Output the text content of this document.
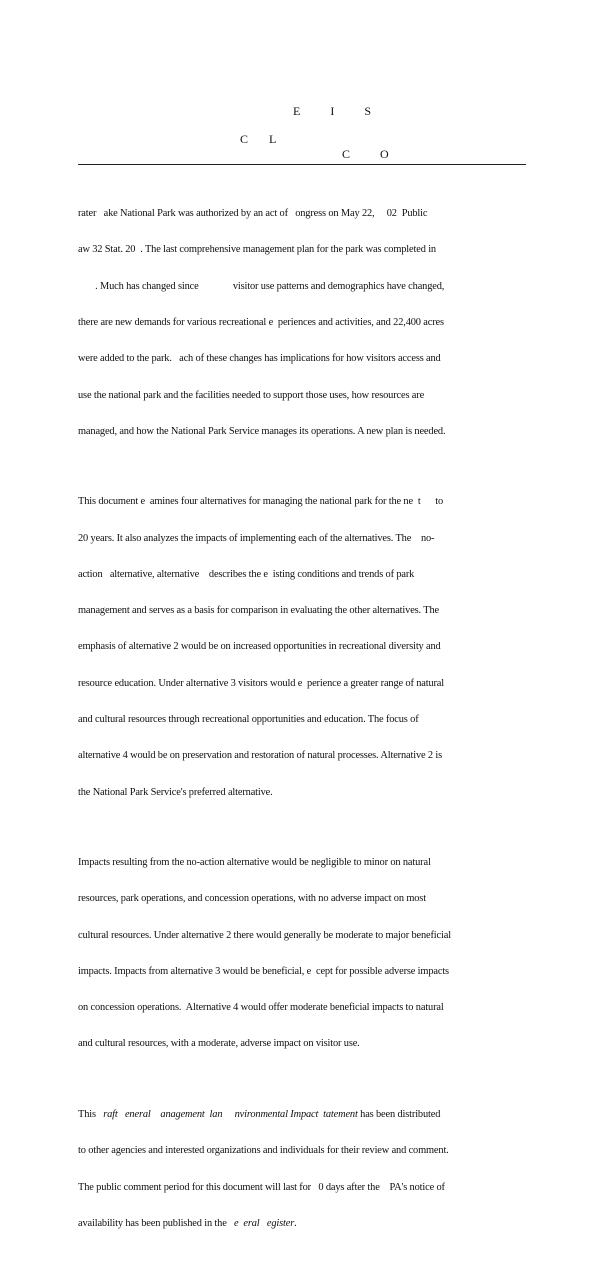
E          I          S
C       L
C          O

rater   ake National Park was authorized by an act of   ongress on May 22,     02  Public

aw 32 Stat. 20  . The last comprehensive management plan for the park was completed in

. Much has changed since              visitor use patterns and demographics have changed,

there are new demands for various recreational e  periences and activities, and 22,400 acres

were added to the park.   ach of these changes has implications for how visitors access and

use the national park and the facilities needed to support those uses, how resources are

managed, and how the National Park Service manages its operations. A new plan is needed.

This document e  amines four alternatives for managing the national park for the ne  t      to

20 years. It also analyzes the impacts of implementing each of the alternatives. The    no-

action   alternative, alternative    describes the e  isting conditions and trends of park

management and serves as a basis for comparison in evaluating the other alternatives. The

emphasis of alternative 2 would be on increased opportunities in recreational diversity and

resource education. Under alternative 3 visitors would e  perience a greater range of natural

and cultural resources through recreational opportunities and education. The focus of

alternative 4 would be on preservation and restoration of natural processes. Alternative 2 is

the National Park Service's preferred alternative.

Impacts resulting from the no-action alternative would be negligible to minor on natural

resources, park operations, and concession operations, with no adverse impact on most

cultural resources. Under alternative 2 there would generally be moderate to major beneficial

impacts. Impacts from alternative 3 would be beneficial, e  cept for possible adverse impacts

on concession operations.  Alternative 4 would offer moderate beneficial impacts to natural

and cultural resources, with a moderate, adverse impact on visitor use.

This   raft   eneral    anagement  lan     nvironmental Impact  tatement has been distributed

to other agencies and interested organizations and individuals for their review and comment.

The public comment period for this document will last for   0 days after the    PA's notice of

availability has been published in the   e  eral   egister.
